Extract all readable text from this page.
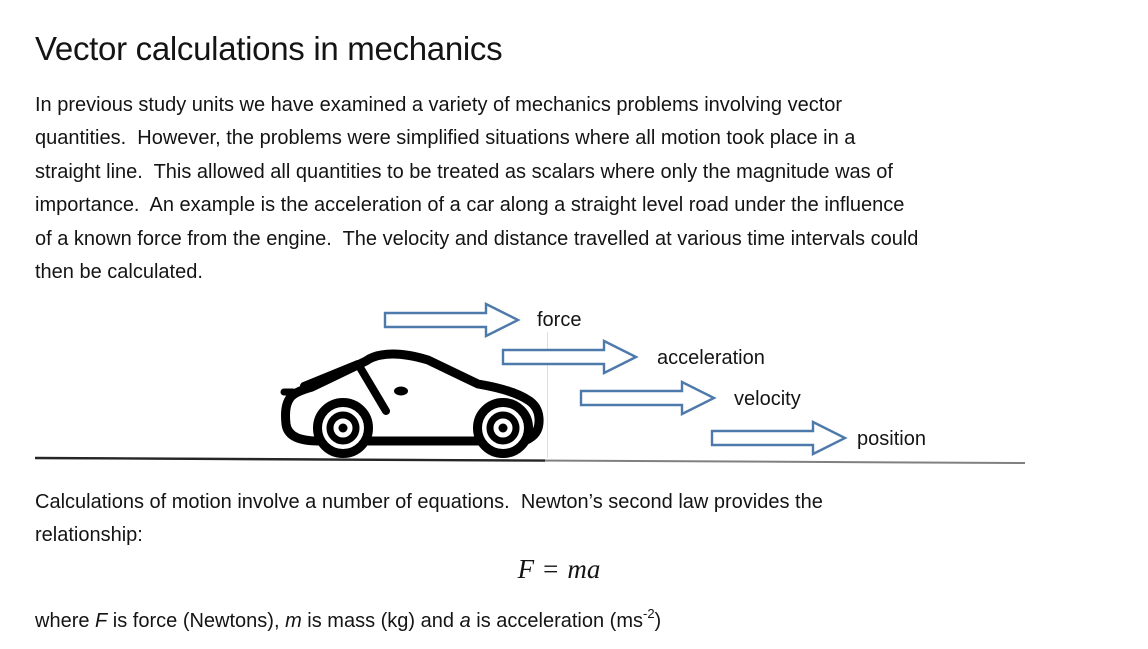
Vector calculations in mechanics
In previous study units we have examined a variety of mechanics problems involving vector
quantities.  However, the problems were simplified situations where all motion took place in a
straight line.  This allowed all quantities to be treated as scalars where only the magnitude was of
importance.  An example is the acceleration of a car along a straight level road under the influence
of a known force from the engine.  The velocity and distance travelled at various time intervals could
then be calculated.
force
acceleration
velocity
position
Calculations of motion involve a number of equations.  Newton’s second law provides the
relationship:
F = ma
where F is force (Newtons), m is mass (kg) and a is acceleration $(ms^{-2})$
